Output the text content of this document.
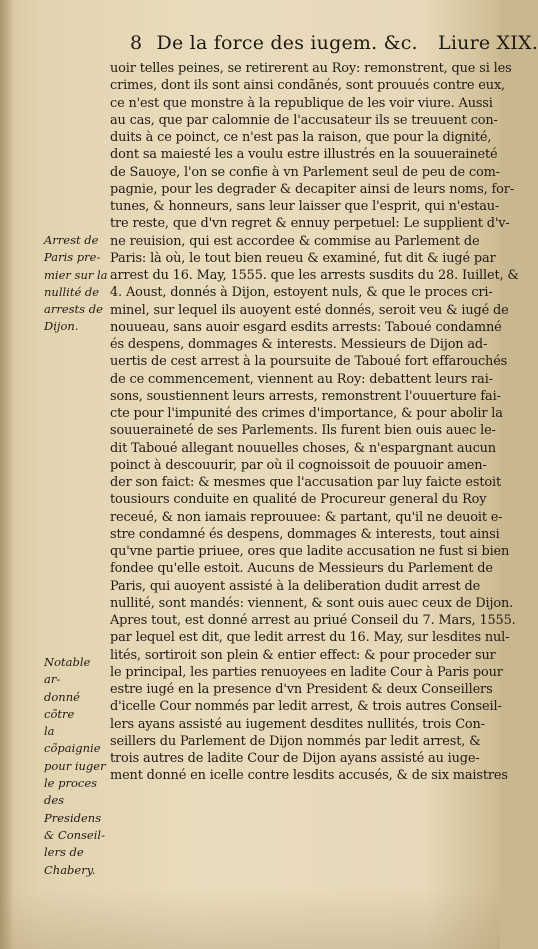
8 De la force des iugem. &c. Liure XIX.
Arrest de
Paris pre-
mier sur la
nullité de
arrests de
Dijon.
Notable ar-
donné cõtre
la cõpaignie
pour iuger
le proces des
Presidens
& Conseil-
lers de
Chabery.
uoir telles peines, se retirerent au Roy: remonstrent, que si les
crimes, dont ils sont ainsi condãnés, sont prouués contre eux,
ce n'est que monstre à la republique de les voir viure. Aussi
au cas, que par calomnie de l'accusateur ils se treuuent con-
duits à ce poinct, ce n'est pas la raison, que pour la dignité,
dont sa maiesté les a voulu estre illustrés en la souueraineté
de Sauoye, l'on se confie à vn Parlement seul de peu de com-
pagnie, pour les degrader & decapiter ainsi de leurs noms, for-
tunes, & honneurs, sans leur laisser que l'esprit, qui n'estau-
tre reste, que d'vn regret & ennuy perpetuel: Le supplient d'v-
ne reuision, qui est accordee & commise au Parlement de
Paris: là où, le tout bien reueu & examiné, fut dit & iugé par
arrest du 16. May, 1555. que les arrests susdits du 28. Iuillet, &
4. Aoust, donnés à Dijon, estoyent nuls, & que le proces cri-
minel, sur lequel ils auoyent esté donnés, seroit veu & iugé de
nouueau, sans auoir esgard esdits arrests: Taboué condamné
és despens, dommages & interests. Messieurs de Dijon ad-
uertis de cest arrest à la poursuite de Taboué fort effarouchés
de ce commencement, viennent au Roy: debattent leurs rai-
sons, soustiennent leurs arrests, remonstrent l'ouuerture fai-
cte pour l'impunité des crimes d'importance, & pour abolir la
souueraineté de ses Parlements. Ils furent bien ouis auec le-
dit Taboué allegant nouuelles choses, & n'espargnant aucun
poinct à descouurir, par où il cognoissoit de pouuoir amen-
der son faict: & mesmes que l'accusation par luy faicte estoit
tousiours conduite en qualité de Procureur general du Roy
receué, & non iamais reprouuee: & partant, qu'il ne deuoit e-
stre condamné és despens, dommages & interests, tout ainsi
qu'vne partie priuee, ores que ladite accusation ne fust si bien
fondee qu'elle estoit. Aucuns de Messieurs du Parlement de
Paris, qui auoyent assisté à la deliberation dudit arrest de
nullité, sont mandés: viennent, & sont ouis auec ceux de Dijon.
Apres tout, est donné arrest au priué Conseil du 7. Mars, 1555.
par lequel est dit, que ledit arrest du 16. May, sur lesdites nul-
lités, sortiroit son plein & entier effect: & pour proceder sur
le principal, les parties renuoyees en ladite Cour à Paris pour
estre iugé en la presence d'vn President & deux Conseillers
d'icelle Cour nommés par ledit arrest, & trois autres Conseil-
lers ayans assisté au iugement desdites nullités, trois Con-
seillers du Parlement de Dijon nommés par ledit arrest, &
trois autres de ladite Cour de Dijon ayans assisté au iuge-
ment donné en icelle contre lesdits accusés, & de six maistres
